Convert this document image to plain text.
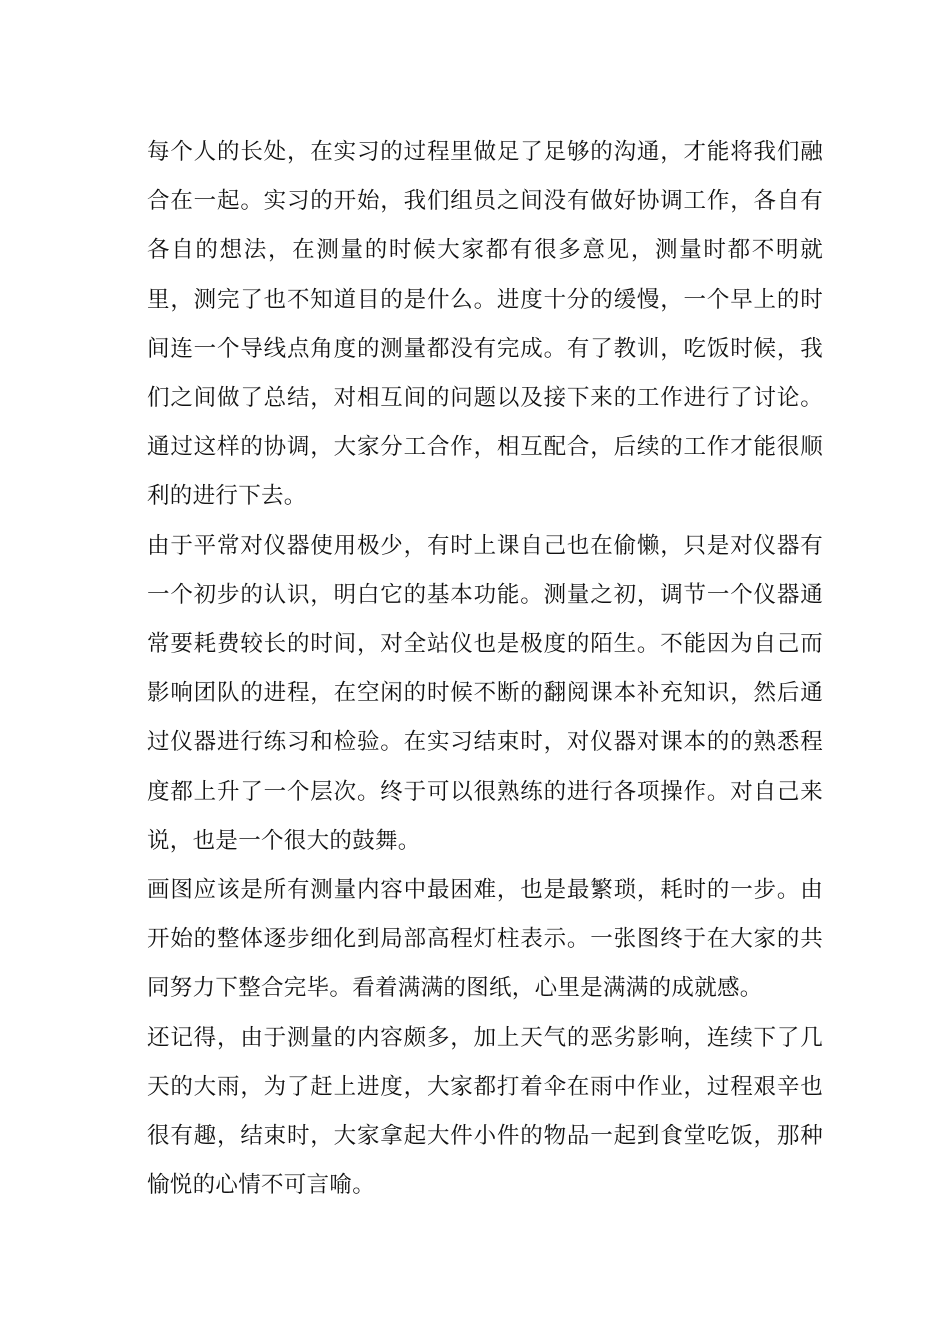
每个人的长处，在实习的过程里做足了足够的沟通，才能将我们融合在一起。实习的开始，我们组员之间没有做好协调工作，各自有各自的想法，在测量的时候大家都有很多意见，测量时都不明就里，测完了也不知道目的是什么。进度十分的缓慢，一个早上的时间连一个导线点角度的测量都没有完成。有了教训，吃饭时候，我们之间做了总结，对相互间的问题以及接下来的工作进行了讨论。通过这样的协调，大家分工合作，相互配合，后续的工作才能很顺利的进行下去。

由于平常对仪器使用极少，有时上课自己也在偷懒，只是对仪器有一个初步的认识，明白它的基本功能。测量之初，调节一个仪器通常要耗费较长的时间，对全站仪也是极度的陌生。不能因为自己而影响团队的进程，在空闲的时候不断的翻阅课本补充知识，然后通过仪器进行练习和检验。在实习结束时，对仪器对课本的的熟悉程度都上升了一个层次。终于可以很熟练的进行各项操作。对自己来说，也是一个很大的鼓舞。

画图应该是所有测量内容中最困难，也是最繁琐，耗时的一步。由开始的整体逐步细化到局部高程灯柱表示。一张图终于在大家的共同努力下整合完毕。看着满满的图纸，心里是满满的成就感。

还记得，由于测量的内容颇多，加上天气的恶劣影响，连续下了几天的大雨，为了赶上进度，大家都打着伞在雨中作业，过程艰辛也很有趣，结束时，大家拿起大件小件的物品一起到食堂吃饭，那种愉悦的心情不可言喻。
